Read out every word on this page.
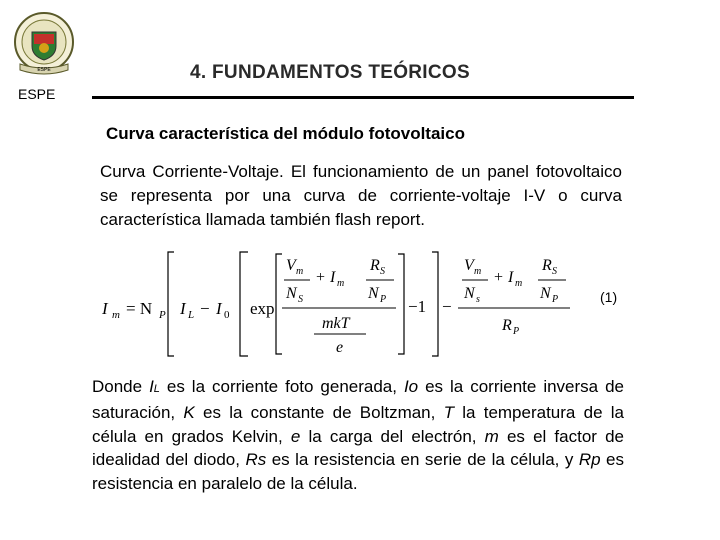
ESPE
ESPE
4. FUNDAMENTOS TEÓRICOS
Curva característica del módulo fotovoltaico
Curva Corriente-Voltaje. El funcionamiento de un panel fotovoltaico se representa por una curva de corriente-voltaje I-V o curva característica llamada también flash report.
I m = N P I L − I 0 exp
V m
N S
+ I m
R S
N P
mkT
e
−1 −
V m
N s
+ I m
R S
N P
R P
(1)
Donde IL es la corriente foto generada, Io es la corriente inversa de saturación, K es la constante de Boltzman, T la temperatura de la célula en grados Kelvin, e la carga del electrón, m es el factor de idealidad del diodo, Rs es la resistencia en serie de la célula, y Rp es resistencia en paralelo de la célula.
